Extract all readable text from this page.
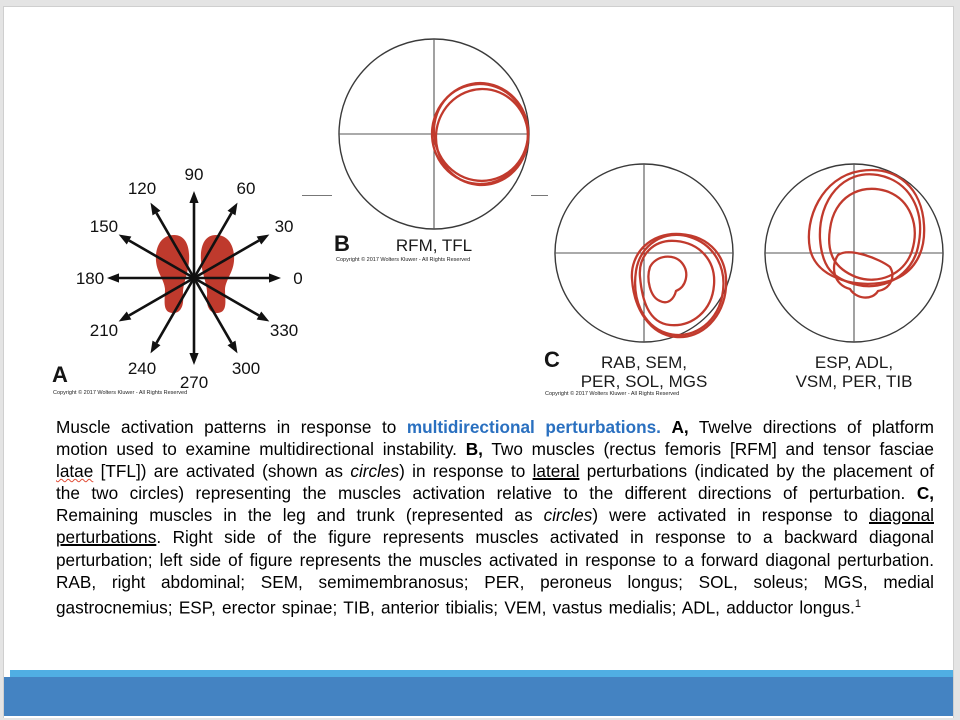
0
30
60
90
120
150
180
210
240
270
300
330
A
Copyright © 2017 Wolters Kluwer - All Rights Reserved
B	RFM, TFL
Copyright © 2017 Wolters Kluwer - All Rights Reserved
C	RAB, SEM,
PER, SOL, MGS
Copyright © 2017 Wolters Kluwer - All Rights Reserved
ESP, ADL,
VSM, PER, TIB
Muscle activation patterns in response to multidirectional perturbations. A, Twelve directions of platform motion used to examine multidirectional instability. B, Two muscles (rectus femoris [RFM] and tensor fasciae latae [TFL]) are activated (shown as circles) in response to lateral perturbations (indicated by the placement of the two circles) representing the muscles activation relative to the different directions of perturbation. C, Remaining muscles in the leg and trunk (represented as circles) were activated in response to diagonal perturbations. Right side of the figure represents muscles activated in response to a backward diagonal perturbation; left side of figure represents the muscles activated in response to a forward diagonal perturbation. RAB, right abdominal; SEM, semimembranosus; PER, peroneus longus; SOL, soleus; MGS, medial gastrocnemius; ESP, erector spinae; TIB, anterior tibialis; VEM, vastus medialis; ADL, adductor longus.$^1$
